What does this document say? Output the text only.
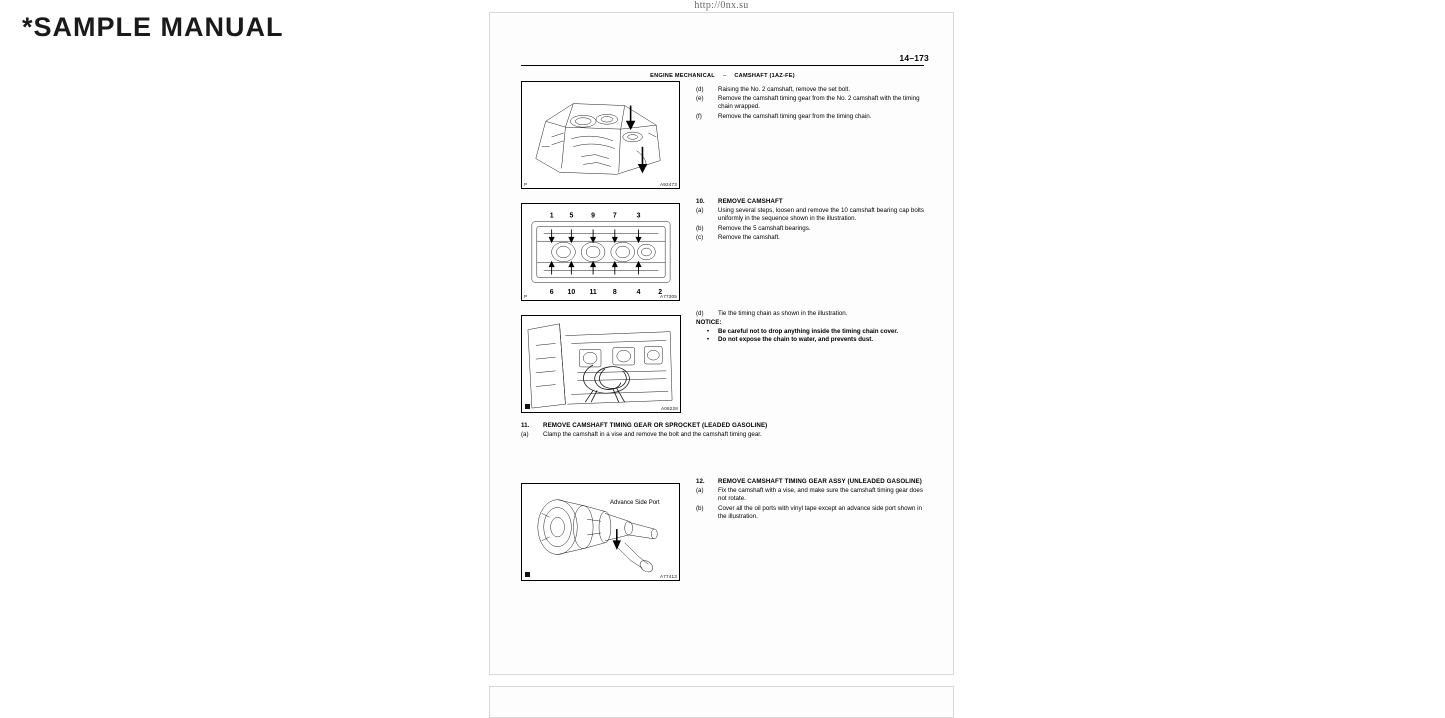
*SAMPLE MANUAL
http://0nx.su
14–173
ENGINE MECHANICAL – CAMSHAFT (1AZ-FE)
P	A92473
(d)	Raising the No. 2 camshaft, remove the set bolt.
(e)	Remove the camshaft timing gear from the No. 2 camshaft with the timing chain wrapped.
(f)	Remove the camshaft timing gear from the timing chain.
1 5	9	7	3
6 10 11 8	4	2
P	A77305
10.	REMOVE CAMSHAFT
(a)	Using several steps, loosen and remove the 10 camshaft bearing cap bolts uniformly in the sequence shown in the illustration.
(b)	Remove the 5 camshaft bearings.
(c)	Remove the camshaft.
A06228
(d)	Tie the timing chain as shown in the illustration.
NOTICE:
•	Be careful not to drop anything inside the timing chain cover.
•	Do not expose the chain to water, and prevents dust.
11.	REMOVE CAMSHAFT TIMING GEAR OR SPROCKET (LEADED GASOLINE)
(a)	Clamp the camshaft in a vise and remove the bolt and the camshaft timing gear.
Advance Side Port
A77413
12.	REMOVE CAMSHAFT TIMING GEAR ASSY (UNLEADED GASOLINE)
(a)	Fix the camshaft with a vise, and make sure the camshaft timing gear does not rotate.
(b)	Cover all the oil ports with vinyl tape except an advance side port shown in the illustration.
